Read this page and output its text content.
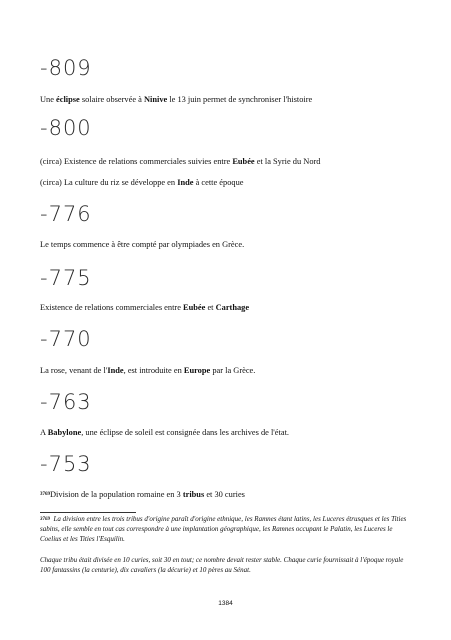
-809
-800
-776
-775
-770
-763
-753
Une éclipse solaire observée à Ninive le 13 juin permet de synchroniser l'histoire
(circa) Existence de relations commerciales suivies entre Eubée et la Syrie du Nord
(circa) La culture du riz se développe en Inde à cette époque
Le temps commence à être compté par olympiades en Grèce.
Existence de relations commerciales entre Eubée et Carthage
La rose, venant de l'Inde, est introduite en Europe par la Grèce.
A Babylone, une éclipse de soleil est consignée dans les archives de l'état.
$^{3769}$Division de la population romaine en 3 tribus et 30 curies
$^{3769}$ La division entre les trois tribus d'origine paraît d'origine ethnique, les Ramnes étant latins, les Luceres étrusques et les Tities sabins, elle semble en tout cas correspondre à une implantation géographique, les Ramnes occupant le Palatin, les Luceres le Coelius et les Tities l'Esquilin.
Chaque tribu était divisée en 10 curies, soit 30 en tout; ce nombre devait rester stable. Chaque curie fournissait à l'époque royale 100 fantassins (la centurie), dix cavaliers (la décurie) et 10 pères au Sénat.
1384
